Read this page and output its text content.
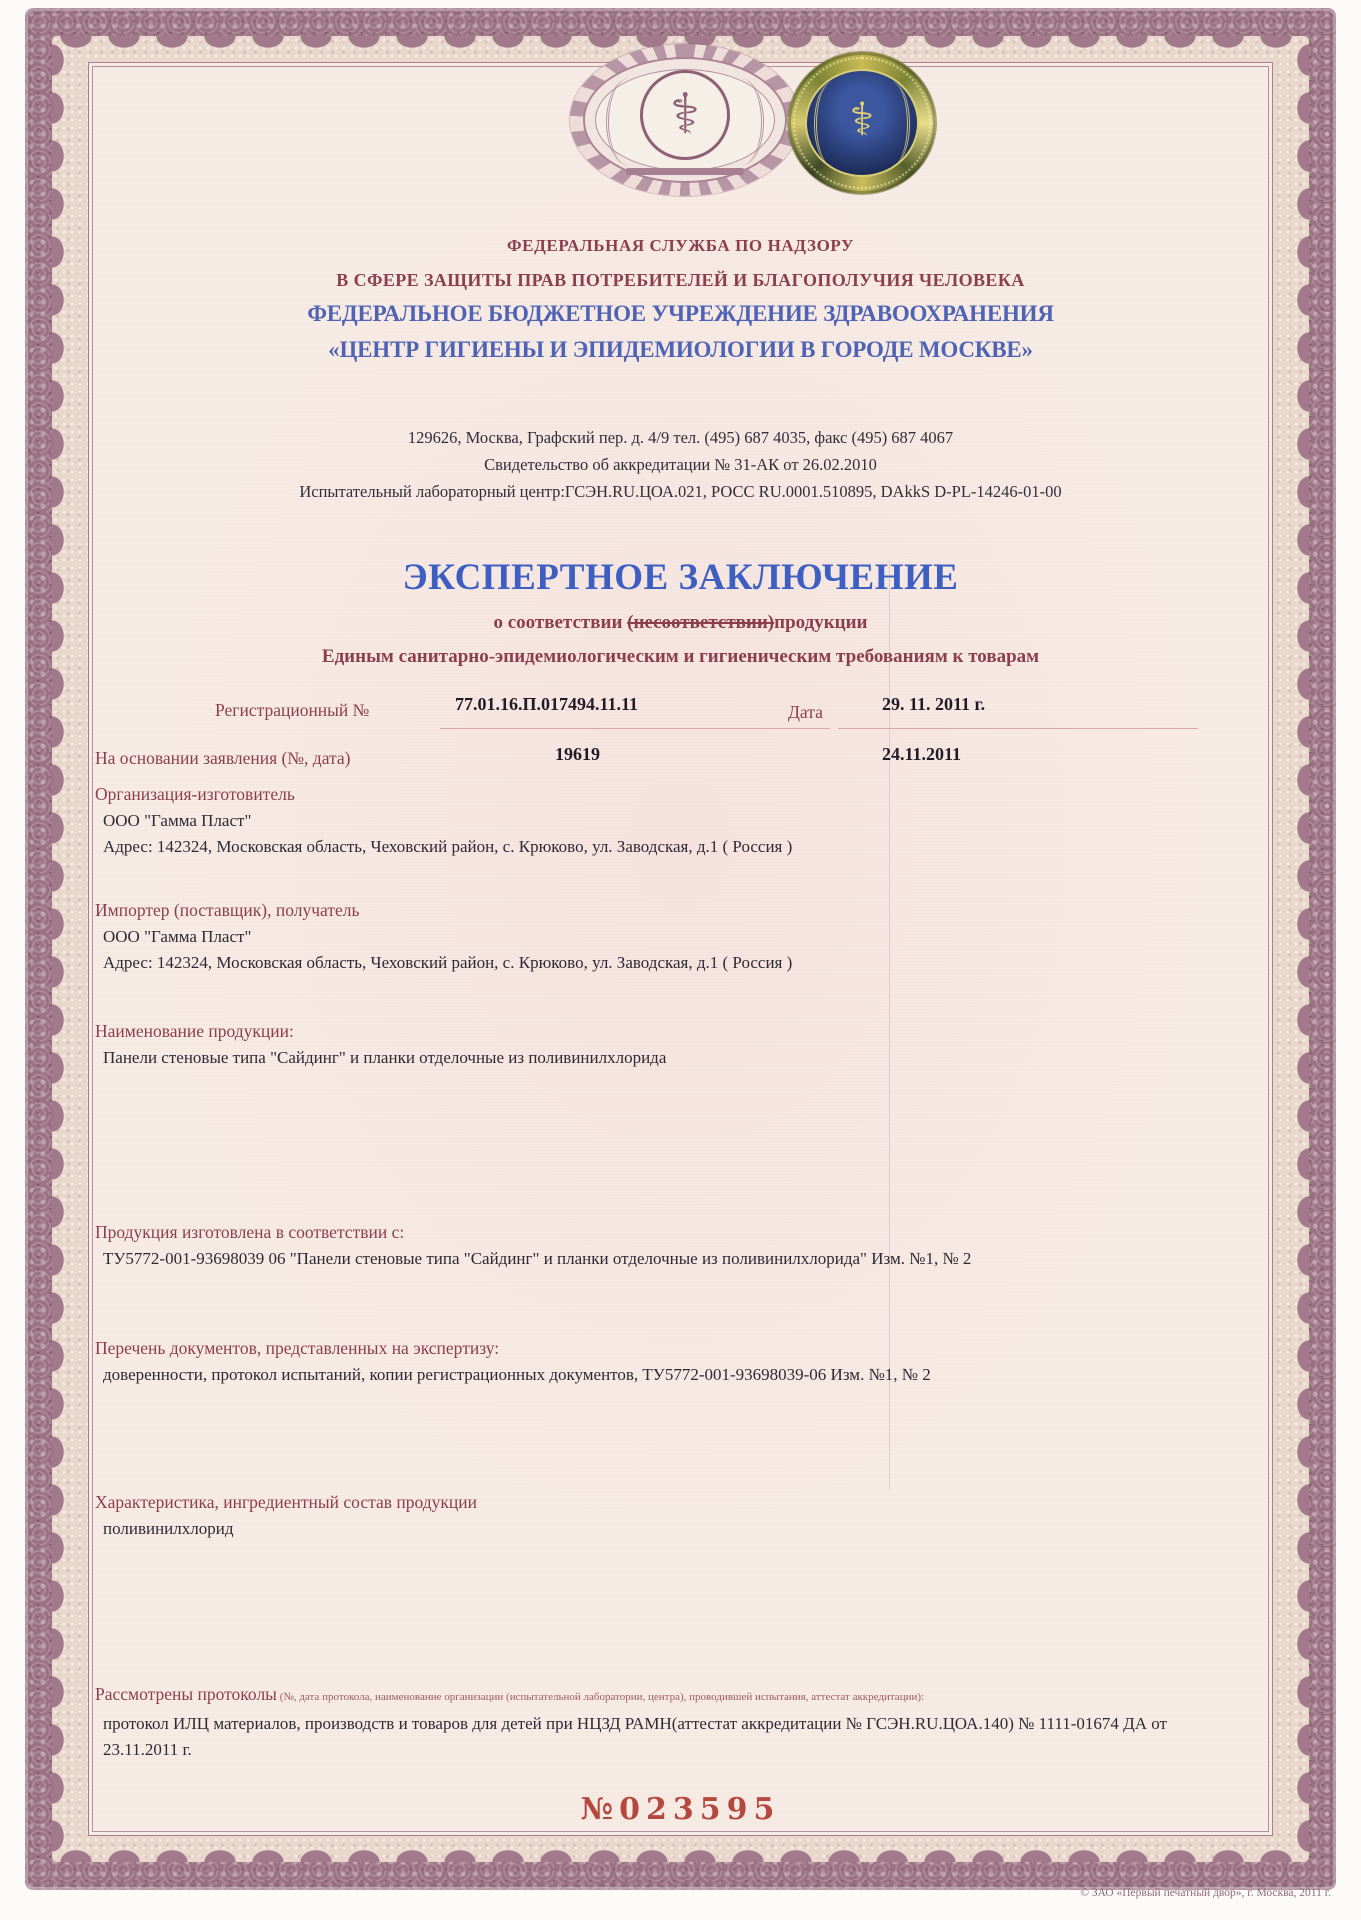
⚕	⚕
ФЕДЕРАЛЬНАЯ СЛУЖБА ПО НАДЗОРУ
В СФЕРЕ ЗАЩИТЫ ПРАВ ПОТРЕБИТЕЛЕЙ И БЛАГОПОЛУЧИЯ ЧЕЛОВЕКА
ФЕДЕРАЛЬНОЕ БЮДЖЕТНОЕ УЧРЕЖДЕНИЕ ЗДРАВООХРАНЕНИЯ
«ЦЕНТР ГИГИЕНЫ И ЭПИДЕМИОЛОГИИ В ГОРОДЕ МОСКВЕ»
129626, Москва, Графский пер. д. 4/9 тел. (495) 687 4035, факс (495) 687 4067
Свидетельство об аккредитации № 31-АК от 26.02.2010
Испытательный лабораторный центр:ГСЭН.RU.ЦОА.021, РОСС RU.0001.510895, DAkkS D-PL-14246-01-00
ЭКСПЕРТНОЕ ЗАКЛЮЧЕНИЕ
о соответствии (несоответствии)продукции
Единым санитарно-эпидемиологическим и гигиеническим требованиям к товарам
Регистрационный №	77.01.16.П.017494.11.11	Дата	29. 11. 2011 г.
На основании заявления (№, дата)	19619	24.11.2011
Организация-изготовитель
ООО "Гамма Пласт"
Адрес: 142324, Московская область, Чеховский район, с. Крюково, ул. Заводская, д.1 ( Россия )
Импортер (поставщик), получатель
ООО "Гамма Пласт"
Адрес: 142324, Московская область, Чеховский район, с. Крюково, ул. Заводская, д.1 ( Россия )
Наименование продукции:
Панели стеновые типа "Сайдинг" и планки отделочные из поливинилхлорида
Продукция изготовлена в соответствии с:
ТУ5772-001-93698039 06 "Панели стеновые типа "Сайдинг" и планки отделочные из поливинилхлорида" Изм. №1, № 2
Перечень документов, представленных на экспертизу:
доверенности, протокол испытаний, копии регистрационных документов, ТУ5772-001-93698039-06 Изм. №1, № 2
Характеристика, ингредиентный состав продукции
поливинилхлорид
Рассмотрены протоколы (№, дата протокола, наименование организации (испытательной лаборатории, центра), проводившей испытания, аттестат аккредитации):
протокол ИЛЦ материалов, производств и товаров для детей при НЦЗД РАМН(аттестат аккредитации № ГСЭН.RU.ЦОА.140) № 1111-01674 ДА от 23.11.2011 г.
№023595
© ЗАО «Первый печатный двор», г. Москва, 2011 г.
